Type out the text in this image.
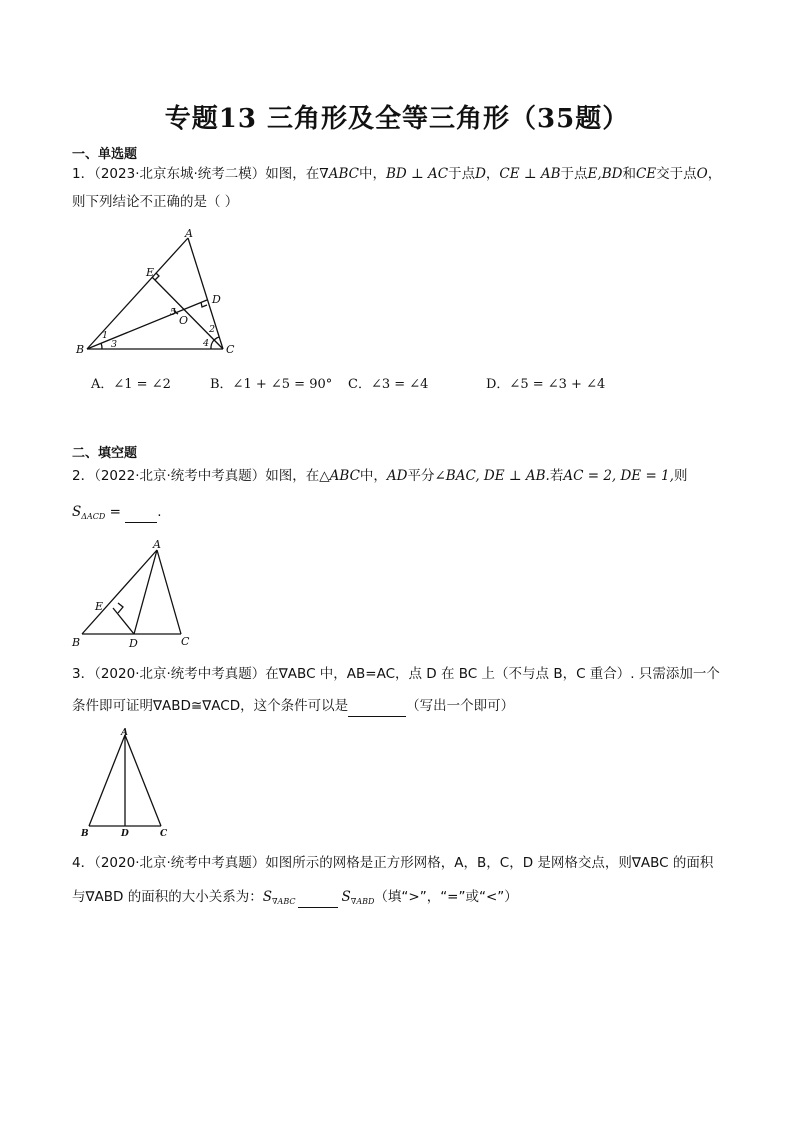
专题13 三角形及全等三角形（35题）
一、单选题
1．（2023·北京东城·统考二模）如图，在∇ABC中，BD ⊥ AC于点D，CE ⊥ AB于点E,BD和CE交于点O，
则下列结论不正确的是（ ）
A
B	C
D
E
O
1
2
3	4
5
A．∠1 = ∠2	B．∠1 + ∠5 = 90° C．∠3 = ∠4	D．∠5 = ∠3 + ∠4
二、填空题
2．（2022·北京·统考中考真题）如图，在△ABC中，AD平分∠BAC, DE ⊥ AB.若AC = 2, DE = 1,则
$S_{\Delta ACD}$ =  .
A
B	C
D
E
3．（2020·北京·统考中考真题）在∇ABC 中，AB=AC，点 D 在 BC 上（不与点 B，C 重合）. 只需添加一个
条件即可证明∇ABD≅∇ACD，这个条件可以是	（写出一个即可）
A
B	C
D
4．（2020·北京·统考中考真题）如图所示的网格是正方形网格，A，B，C，D 是网格交点，则∇ABC 的面积
与∇ABD 的面积的大小关系为：$S_{\nabla ABC}$	$S_{\nabla ABD}$（填“>”，“=”或“<”）
